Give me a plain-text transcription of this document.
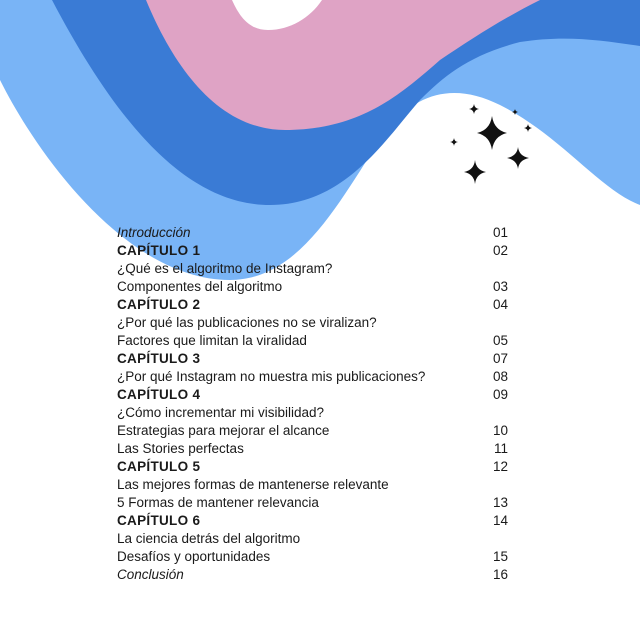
Introducción	01
CAPÍTULO 1	02
¿Qué es el algoritmo de Instagram?
Componentes del algoritmo	03
CAPÍTULO 2	04
¿Por qué las publicaciones no se viralizan?
Factores que limitan la viralidad	05
CAPÍTULO 3	07
¿Por qué Instagram no muestra mis publicaciones?	08
CAPÍTULO 4	09
¿Cómo incrementar mi visibilidad?
Estrategias para mejorar el alcance	10
Las Stories perfectas	11
CAPÍTULO 5	12
Las mejores formas de mantenerse relevante
5 Formas de mantener relevancia	13
CAPÍTULO 6	14
La ciencia detrás del algoritmo
Desafíos y oportunidades	15
Conclusión	16
